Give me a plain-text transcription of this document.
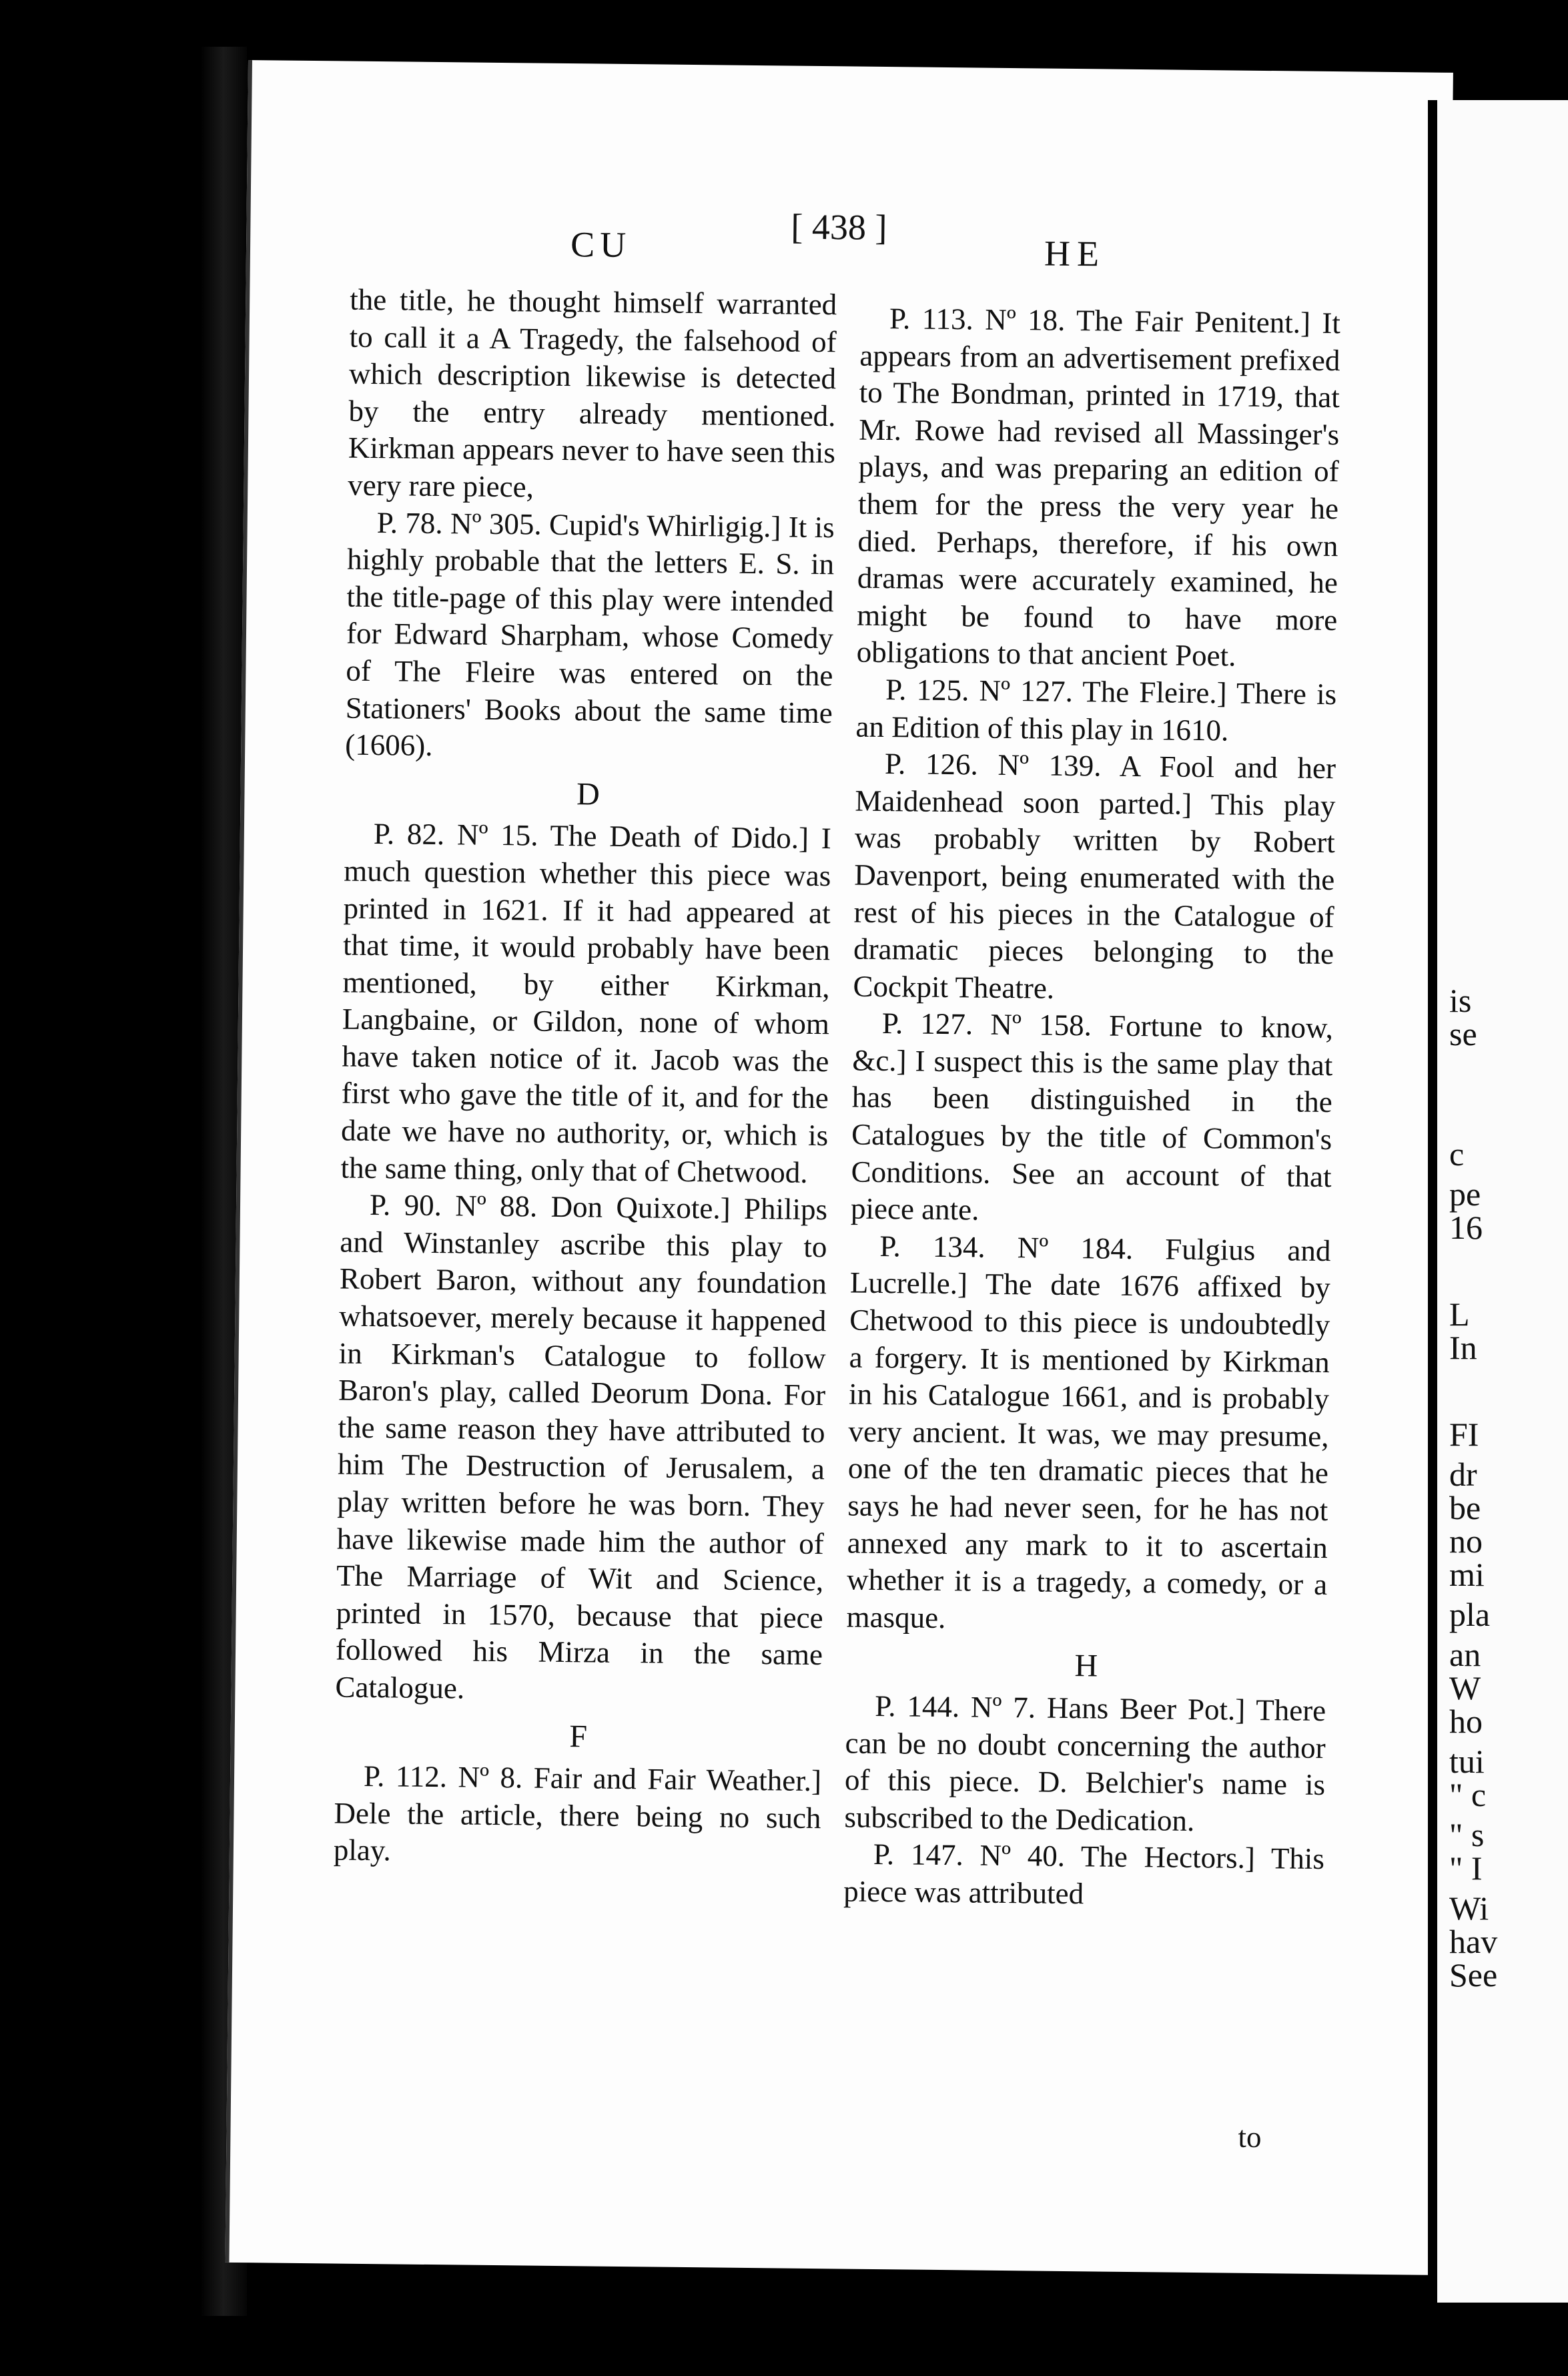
CU	[ 438 ]
HE

the title, he thought himself warranted to call it a A Tragedy, the falsehood of which description likewise is detected by the entry already mentioned. Kirkman appears never to have seen this very rare piece,

P. 78. Nº 305. Cupid's Whirligig.] It is highly probable that the letters E. S. in the title-page of this play were intended for Edward Sharpham, whose Comedy of The Fleire was entered on the Stationers' Books about the same time (1606).

D

P. 82. Nº 15. The Death of Dido.] I much question whether this piece was printed in 1621. If it had appeared at that time, it would probably have been mentioned, by either Kirkman, Langbaine, or Gildon, none of whom have taken notice of it. Jacob was the first who gave the title of it, and for the date we have no authority, or, which is the same thing, only that of Chetwood.

P. 90. Nº 88. Don Quixote.] Philips and Winstanley ascribe this play to Robert Baron, without any foundation whatsoever, merely because it happened in Kirkman's Catalogue to follow Baron's play, called Deorum Dona. For the same reason they have attributed to him The Destruction of Jerusalem, a play written before he was born. They have likewise made him the author of The Marriage of Wit and Science, printed in 1570, because that piece followed his Mirza in the same Catalogue.

F

P. 112. Nº 8. Fair and Fair Weather.] Dele the article, there being no such play.

P. 113. Nº 18. The Fair Penitent.] It appears from an advertisement prefixed to The Bondman, printed in 1719, that Mr. Rowe had revised all Massinger's plays, and was preparing an edition of them for the press the very year he died. Perhaps, therefore, if his own dramas were accurately examined, he might be found to have more obligations to that ancient Poet.

P. 125. Nº 127. The Fleire.] There is an Edition of this play in 1610.

P. 126. Nº 139. A Fool and her Maidenhead soon parted.] This play was probably written by Robert Davenport, being enumerated with the rest of his pieces in the Catalogue of dramatic pieces belonging to the Cockpit Theatre.

P. 127. Nº 158. Fortune to know, &c.] I suspect this is the same play that has been distinguished in the Catalogues by the title of Common's Conditions. See an account of that piece ante.

P. 134. Nº 184. Fulgius and Lucrelle.] The date 1676 affixed by Chetwood to this piece is undoubtedly a forgery. It is mentioned by Kirkman in his Catalogue 1661, and is probably very ancient. It was, we may presume, one of the ten dramatic pieces that he says he had never seen, for he has not annexed any mark to it to ascertain whether it is a tragedy, a comedy, or a masque.

H

P. 144. Nº 7. Hans Beer Pot.] There can be no doubt concerning the author of this piece. D. Belchier's name is subscribed to the Dedication.

P. 147. Nº 40. The Hectors.] This piece was attributed

to
is
se
c
pe
16
L
In
FI
dr
be
no
mi
pla
an
W
ho
tui
" c
" s
" I
Wi
hav
See
